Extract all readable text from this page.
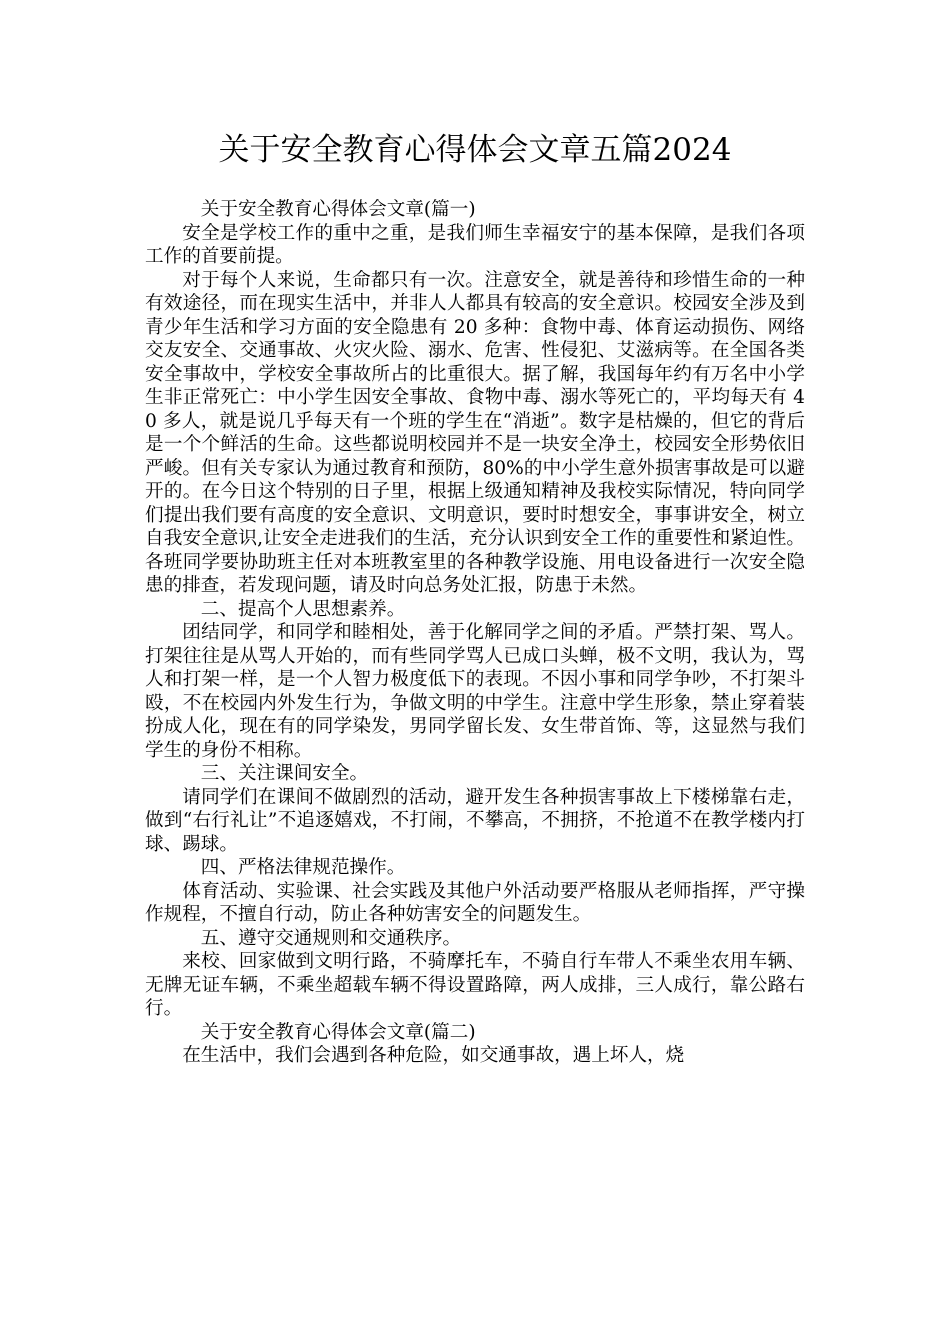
关于安全教育心得体会文章五篇2024

关于安全教育心得体会文章(篇一)

安全是学校工作的重中之重，是我们师生幸福安宁的基本保障，是我们各项工作的首要前提。

对于每个人来说，生命都只有一次。注意安全，就是善待和珍惜生命的一种有效途径，而在现实生活中，并非人人都具有较高的安全意识。校园安全涉及到青少年生活和学习方面的安全隐患有 20 多种：食物中毒、体育运动损伤、网络交友安全、交通事故、火灾火险、溺水、危害、性侵犯、艾滋病等。在全国各类安全事故中，学校安全事故所占的比重很大。据了解，我国每年约有万名中小学生非正常死亡：中小学生因安全事故、食物中毒、溺水等死亡的，平均每天有 40 多人，就是说几乎每天有一个班的学生在“消逝”。数字是枯燥的，但它的背后是一个个鲜活的生命。这些都说明校园并不是一块安全净土，校园安全形势依旧严峻。但有关专家认为通过教育和预防，80%的中小学生意外损害事故是可以避开的。在今日这个特别的日子里，根据上级通知精神及我校实际情况，特向同学们提出我们要有高度的安全意识、文明意识，要时时想安全，事事讲安全，树立自我安全意识,让安全走进我们的生活，充分认识到安全工作的重要性和紧迫性。各班同学要协助班主任对本班教室里的各种教学设施、用电设备进行一次安全隐患的排查，若发现问题，请及时向总务处汇报，防患于未然。

二、提高个人思想素养。

团结同学，和同学和睦相处，善于化解同学之间的矛盾。严禁打架、骂人。打架往往是从骂人开始的，而有些同学骂人已成口头蝉，极不文明，我认为，骂人和打架一样，是一个人智力极度低下的表现。不因小事和同学争吵，不打架斗殴，不在校园内外发生行为，争做文明的中学生。注意中学生形象，禁止穿着装扮成人化，现在有的同学染发，男同学留长发、女生带首饰、等，这显然与我们学生的身份不相称。

三、关注课间安全。

请同学们在课间不做剧烈的活动，避开发生各种损害事故上下楼梯靠右走，做到“右行礼让”不追逐嬉戏，不打闹，不攀高，不拥挤，不抢道不在教学楼内打球、踢球。

四、严格法律规范操作。

体育活动、实验课、社会实践及其他户外活动要严格服从老师指挥，严守操作规程，不擅自行动，防止各种妨害安全的问题发生。

五、遵守交通规则和交通秩序。

来校、回家做到文明行路，不骑摩托车，不骑自行车带人不乘坐农用车辆、无牌无证车辆，不乘坐超载车辆不得设置路障，两人成排，三人成行，靠公路右行。

关于安全教育心得体会文章(篇二)

在生活中，我们会遇到各种危险，如交通事故，遇上坏人，烧
